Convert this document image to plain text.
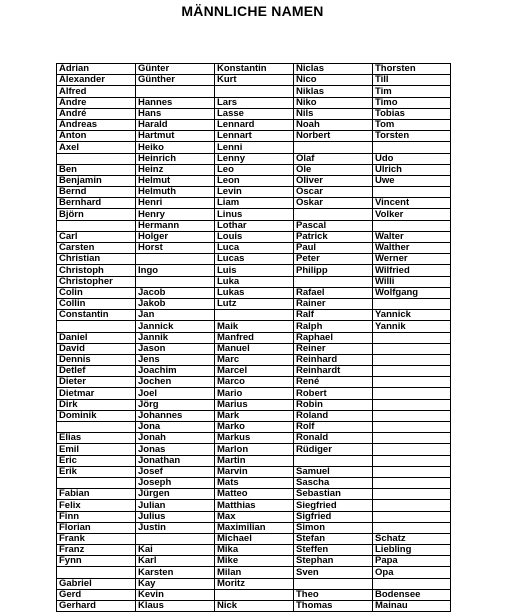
MÄNNLICHE NAMEN
Adrian	Günter	Konstantin	Niclas	Thorsten
Alexander	Günther	Kurt	Nico	Till
Alfred			Niklas	Tim
Andre	Hannes	Lars	Niko	Timo
André	Hans	Lasse	Nils	Tobias
Andreas	Harald	Lennard	Noah	Tom
Anton	Hartmut	Lennart	Norbert	Torsten
Axel	Heiko	Lenni		
	Heinrich	Lenny	Olaf	Udo
Ben	Heinz	Leo	Ole	Ulrich
Benjamin	Helmut	Leon	Oliver	Uwe
Bernd	Helmuth	Levin	Oscar	
Bernhard	Henri	Liam	Oskar	Vincent
Björn	Henry	Linus		Volker
	Hermann	Lothar	Pascal	
Carl	Holger	Louis	Patrick	Walter
Carsten	Horst	Luca	Paul	Walther
Christian		Lucas	Peter	Werner
Christoph	Ingo	Luis	Philipp	Wilfried
Christopher		Luka		Willi
Colin	Jacob	Lukas	Rafael	Wolfgang
Collin	Jakob	Lutz	Rainer	
Constantin	Jan		Ralf	Yannick
	Jannick	Maik	Ralph	Yannik
Daniel	Jannik	Manfred	Raphael	
David	Jason	Manuel	Reiner	
Dennis	Jens	Marc	Reinhard	
Detlef	Joachim	Marcel	Reinhardt	
Dieter	Jochen	Marco	René	
Dietmar	Joel	Mario	Robert	
Dirk	Jörg	Marius	Robin	
Dominik	Johannes	Mark	Roland	
	Jona	Marko	Rolf	
Elias	Jonah	Markus	Ronald	
Emil	Jonas	Marlon	Rüdiger	
Eric	Jonathan	Martin		
Erik	Josef	Marvin	Samuel	
	Joseph	Mats	Sascha	
Fabian	Jürgen	Matteo	Sebastian	
Felix	Julian	Matthias	Siegfried	
Finn	Julius	Max	Sigfried	
Florian	Justin	Maximilian	Simon	
Frank		Michael	Stefan	Schatz
Franz	Kai	Mika	Steffen	Liebling
Fynn	Karl	Mike	Stephan	Papa
	Karsten	Milan	Sven	Opa
Gabriel	Kay	Moritz		
Gerd	Kevin		Theo	Bodensee
Gerhard	Klaus	Nick	Thomas	Mainau
